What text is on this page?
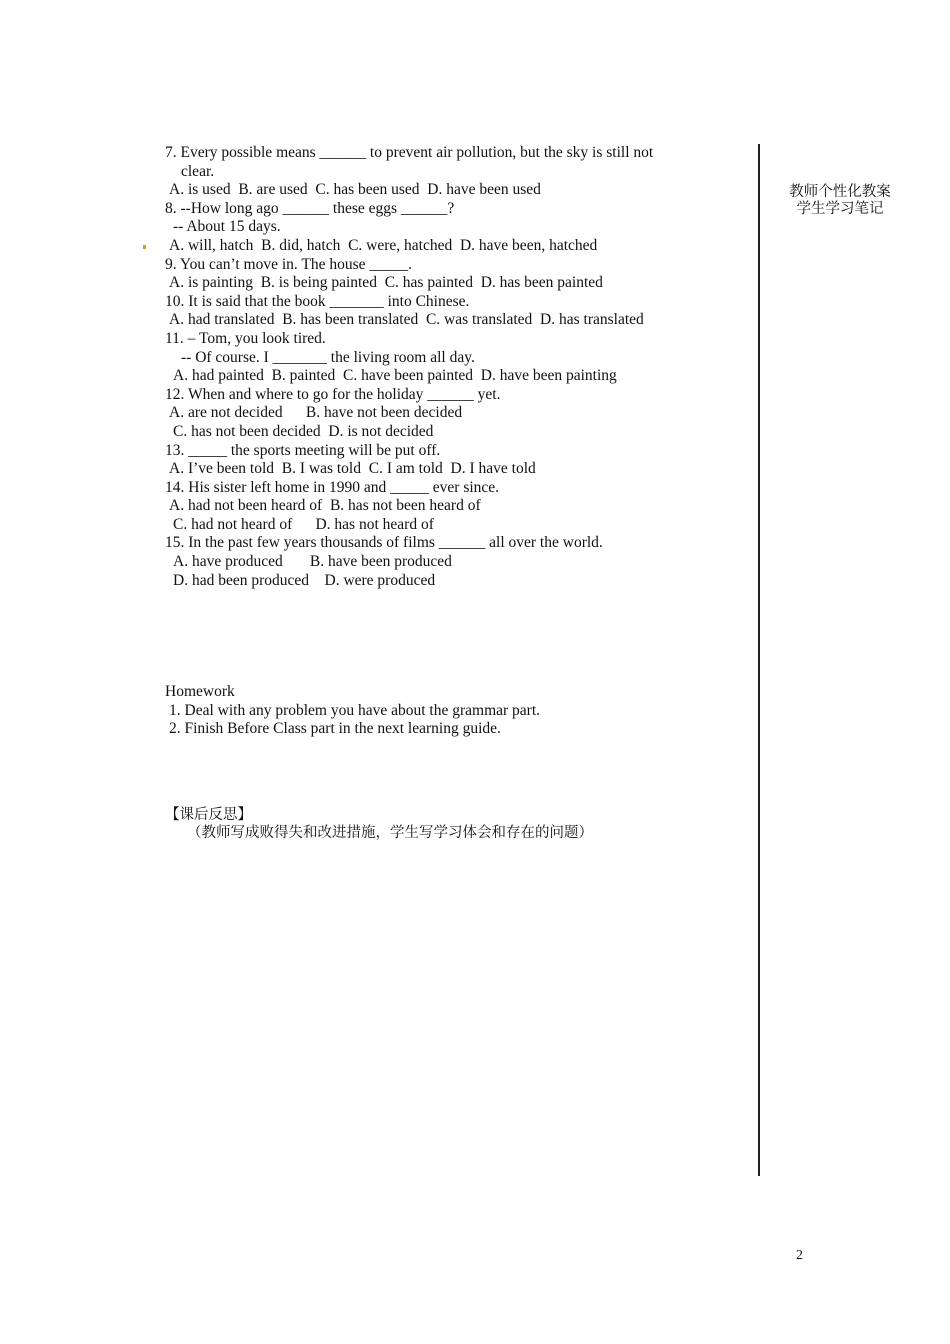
7. Every possible means ______ to prevent air pollution, but the sky is still not
clear.
A. is used  B. are used  C. has been used  D. have been used
8. --How long ago ______ these eggs ______?
-- About 15 days.
A. will, hatch  B. did, hatch  C. were, hatched  D. have been, hatched
9. You can’t move in. The house _____.
A. is painting  B. is being painted  C. has painted  D. has been painted
10. It is said that the book _______ into Chinese.
A. had translated  B. has been translated  C. was translated  D. has translated
11. – Tom, you look tired.
-- Of course. I _______ the living room all day.
A. had painted  B. painted  C. have been painted  D. have been painting
12. When and where to go for the holiday ______ yet.
A. are not decided      B. have not been decided
C. has not been decided  D. is not decided
13. _____ the sports meeting will be put off.
A. I’ve been told  B. I was told  C. I am told  D. I have told
14. His sister left home in 1990 and _____ ever since.
A. had not been heard of  B. has not been heard of
C. had not heard of      D. has not heard of
15. In the past few years thousands of films ______ all over the world.
A. have produced       B. have been produced
D. had been produced    D. were produced
Homework
1. Deal with any problem you have about the grammar part.
2. Finish Before Class part in the next learning guide.
【课后反思】
（教师写成败得失和改进措施，学生写学习体会和存在的问题）
教师个性化教案
学生学习笔记
2
